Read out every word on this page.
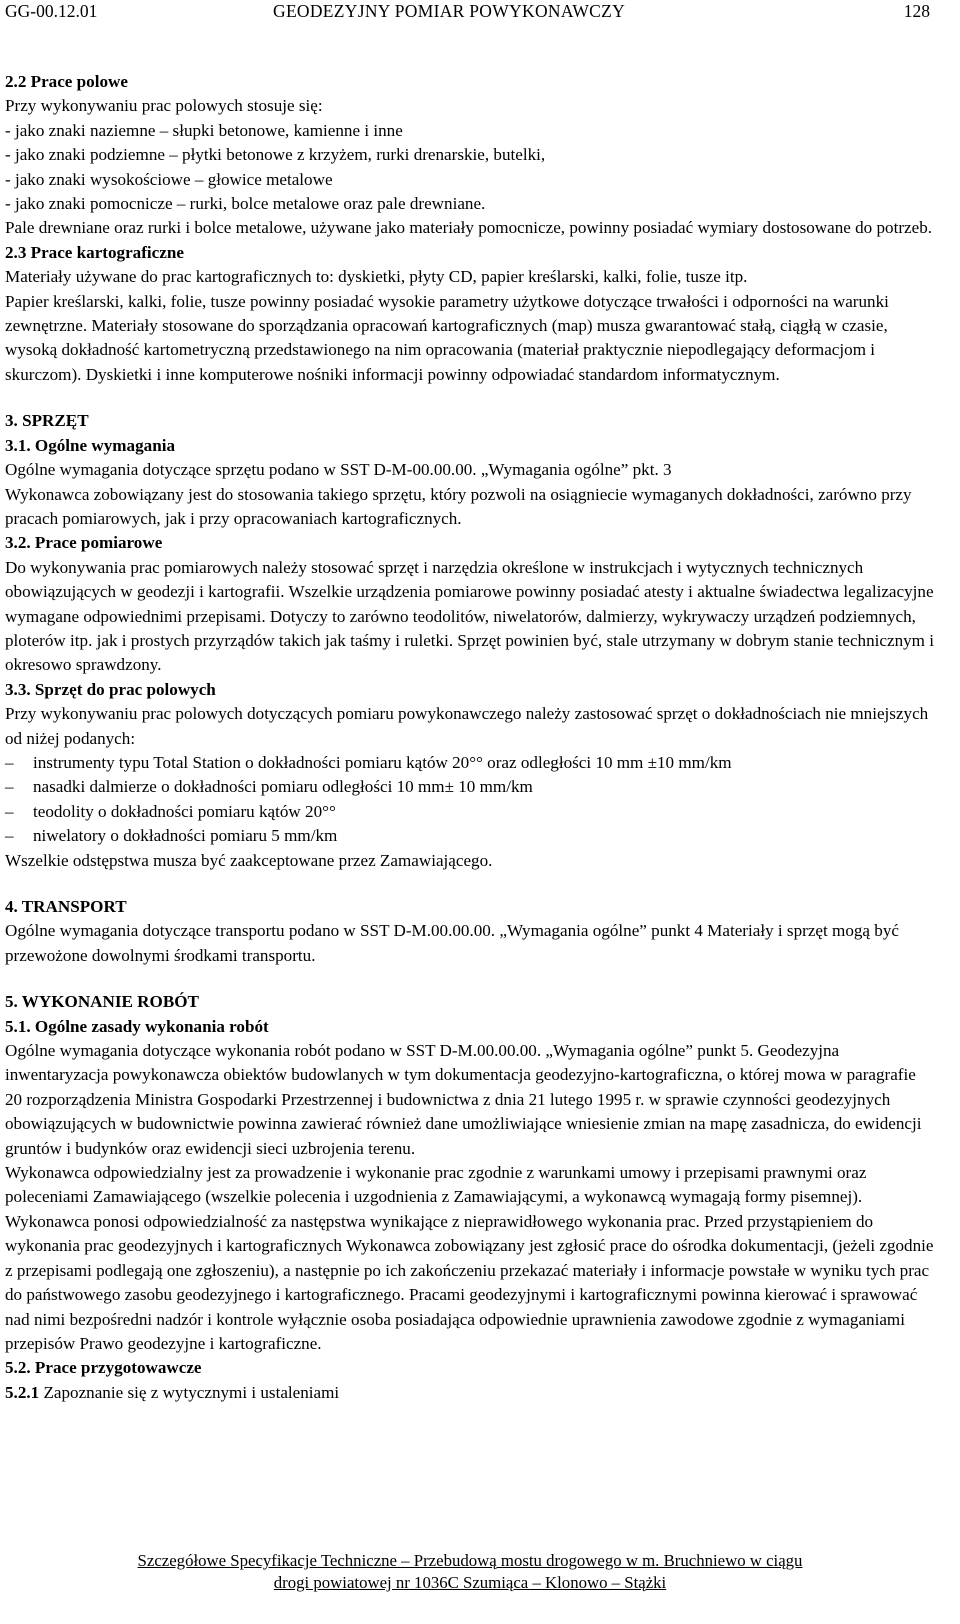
GG-00.12.01	GEODEZYJNY POMIAR POWYKONAWCZY	128

2.2 Prace polowe

Przy wykonywaniu prac polowych stosuje się:

- jako znaki naziemne – słupki betonowe, kamienne i inne

- jako znaki podziemne – płytki betonowe z krzyżem, rurki drenarskie, butelki,

- jako znaki wysokościowe – głowice metalowe

- jako znaki pomocnicze – rurki, bolce metalowe oraz pale drewniane.

Pale drewniane oraz rurki i bolce metalowe, używane jako materiały pomocnicze, powinny posiadać wymiary dostosowane do potrzeb.

2.3 Prace kartograficzne

Materiały używane do prac kartograficznych to: dyskietki, płyty CD, papier kreślarski, kalki, folie, tusze itp.

Papier kreślarski, kalki, folie, tusze powinny posiadać wysokie parametry użytkowe dotyczące trwałości i odporności na warunki zewnętrzne. Materiały stosowane do sporządzania opracowań kartograficznych (map) musza gwarantować stałą, ciągłą w czasie, wysoką dokładność kartometryczną przedstawionego na nim opracowania (materiał praktycznie niepodlegający deformacjom i skurczom). Dyskietki i inne komputerowe nośniki informacji powinny odpowiadać standardom informatycznym.

3. SPRZĘT

3.1. Ogólne wymagania

Ogólne wymagania dotyczące sprzętu podano w SST D-M-00.00.00. „Wymagania ogólne” pkt. 3

Wykonawca zobowiązany jest do stosowania takiego sprzętu, który pozwoli na osiągniecie wymaganych dokładności, zarówno przy pracach pomiarowych, jak i przy opracowaniach kartograficznych.

3.2. Prace pomiarowe

Do wykonywania prac pomiarowych należy stosować sprzęt i narzędzia określone w instrukcjach i wytycznych technicznych obowiązujących w geodezji i kartografii. Wszelkie urządzenia pomiarowe powinny posiadać atesty i aktualne świadectwa legalizacyjne wymagane odpowiednimi przepisami. Dotyczy to zarówno teodolitów, niwelatorów, dalmierzy, wykrywaczy urządzeń podziemnych, ploterów itp. jak i prostych przyrządów takich jak taśmy i ruletki. Sprzęt powinien być, stale utrzymany w dobrym stanie technicznym i okresowo sprawdzony.

3.3. Sprzęt do prac polowych

Przy wykonywaniu prac polowych dotyczących pomiaru powykonawczego należy zastosować sprzęt o dokładnościach nie mniejszych od niżej podanych:

– instrumenty typu Total Station o dokładności pomiaru kątów 20°° oraz odległości 10 mm ±10 mm/km

– nasadki dalmierze o dokładności pomiaru odległości 10 mm± 10 mm/km

– teodolity o dokładności pomiaru kątów 20°°

– niwelatory o dokładności pomiaru 5 mm/km

Wszelkie odstępstwa musza być zaakceptowane przez Zamawiającego.

4. TRANSPORT

Ogólne wymagania dotyczące transportu podano w SST D-M.00.00.00. „Wymagania ogólne” punkt 4 Materiały i sprzęt mogą być przewożone dowolnymi środkami transportu.

5. WYKONANIE ROBÓT

5.1. Ogólne zasady wykonania robót

Ogólne wymagania dotyczące wykonania robót podano w SST D-M.00.00.00. „Wymagania ogólne” punkt 5. Geodezyjna inwentaryzacja powykonawcza obiektów budowlanych w tym dokumentacja geodezyjno-kartograficzna, o której mowa w paragrafie 20 rozporządzenia Ministra Gospodarki Przestrzennej i budownictwa z dnia 21 lutego 1995 r. w sprawie czynności geodezyjnych obowiązujących w budownictwie powinna zawierać również dane umożliwiające wniesienie zmian na mapę zasadnicza, do ewidencji gruntów i budynków oraz ewidencji sieci uzbrojenia terenu.

Wykonawca odpowiedzialny jest za prowadzenie i wykonanie prac zgodnie z warunkami umowy i przepisami prawnymi oraz poleceniami Zamawiającego (wszelkie polecenia i uzgodnienia z Zamawiającymi, a wykonawcą wymagają formy pisemnej). Wykonawca ponosi odpowiedzialność za następstwa wynikające z nieprawidłowego wykonania prac. Przed przystąpieniem do wykonania prac geodezyjnych i kartograficznych Wykonawca zobowiązany jest zgłosić prace do ośrodka dokumentacji, (jeżeli zgodnie z przepisami podlegają one zgłoszeniu), a następnie po ich zakończeniu przekazać materiały i informacje powstałe w wyniku tych prac do państwowego zasobu geodezyjnego i kartograficznego. Pracami geodezyjnymi i kartograficznymi powinna kierować i sprawować nad nimi bezpośredni nadzór i kontrole wyłącznie osoba posiadająca odpowiednie uprawnienia zawodowe zgodnie z wymaganiami przepisów Prawo geodezyjne i kartograficzne.

5.2. Prace przygotowawcze

5.2.1 Zapoznanie się z wytycznymi i ustaleniami

Szczegółowe Specyfikacje Techniczne – Przebudową mostu drogowego w m. Bruchniewo w ciągu
drogi powiatowej nr 1036C Szumiąca – Klonowo – Stążki
